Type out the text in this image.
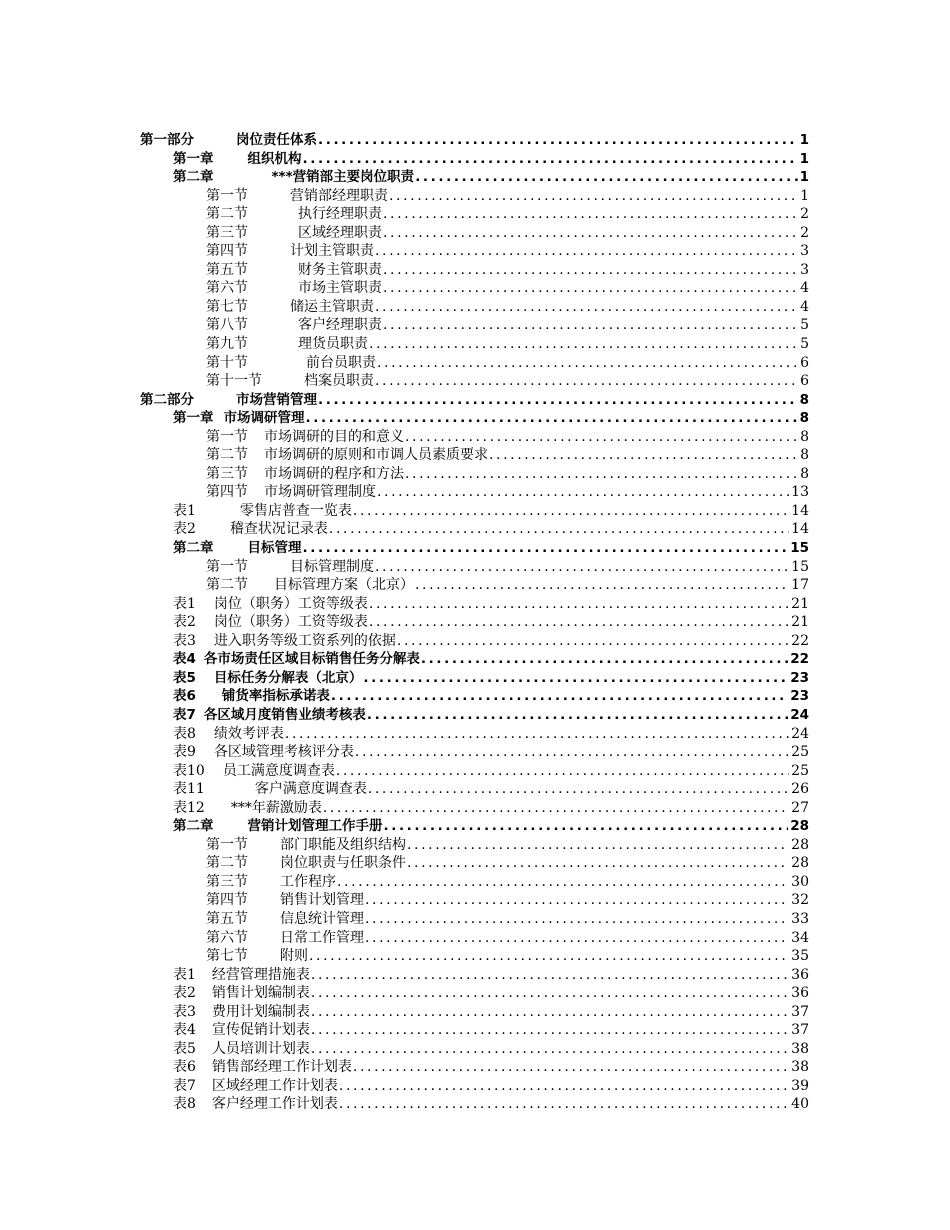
第一部分	岗位责任体系 .....	1
第一章	组织机构 .....	1
第二章	***营销部主要岗位职责 .....	1
第一节	营销部经理职责 .....	1
第二节	执行经理职责 .....	2
第三节	区域经理职责 .....	2
第四节	计划主管职责 .....	3
第五节	财务主管职责 .....	3
第六节	市场主管职责 .....	4
第七节	储运主管职责 .....	4
第八节	客户经理职责 .....	5
第九节	理货员职责 .....	5
第十节	前台员职责 .....	6
第十一节	档案员职责 .....	6
第二部分	市场营销管理 .....	8
第一章 市场调研管理 .....	8
第一节 市场调研的目的和意义 .....	8
第二节 市场调研的原则和市调人员素质要求 .....	8
第三节 市场调研的程序和方法 .....	8
第四节 市场调研管理制度 .....	13
表1	零售店普查一览表 .....	14
表2 稽查状况记录表 .....	14
第二章	目标管理 .....	15
第一节	目标管理制度 .....	15
第二节 目标管理方案（北京） .....	17
表1 岗位（职务）工资等级表 .....	21
表2 岗位（职务）工资等级表 .....	21
表3 进入职务等级工资系列的依据 .....	22
表4 各市场责任区域目标销售任务分解表 .....	22
表5 目标任务分解表（北京） .....	23
表6 铺货率指标承诺表 .....	23
表7 各区域月度销售业绩考核表 .....	24
表8 绩效考评表 .....	24
表9 各区域管理考核评分表 .....	25
表10 员工满意度调查表 .....	25
表11	客户满意度调查表 .....	26
表12 ***年薪激励表 .....	27
第二章	营销计划管理工作手册 .....	28
第一节 部门职能及组织结构 .....	28
第二节 岗位职责与任职条件 .....	28
第三节 工作程序 .....	30
第四节 销售计划管理 .....	32
第五节 信息统计管理 .....	33
第六节 日常工作管理 .....	34
第七节 附则 .....	35
表1 经营管理措施表 .....	36
表2 销售计划编制表 .....	36
表3 费用计划编制表 .....	37
表4 宣传促销计划表 .....	37
表5 人员培训计划表 .....	38
表6 销售部经理工作计划表 .....	38
表7 区域经理工作计划表 .....	39
表8 客户经理工作计划表 .....	40
